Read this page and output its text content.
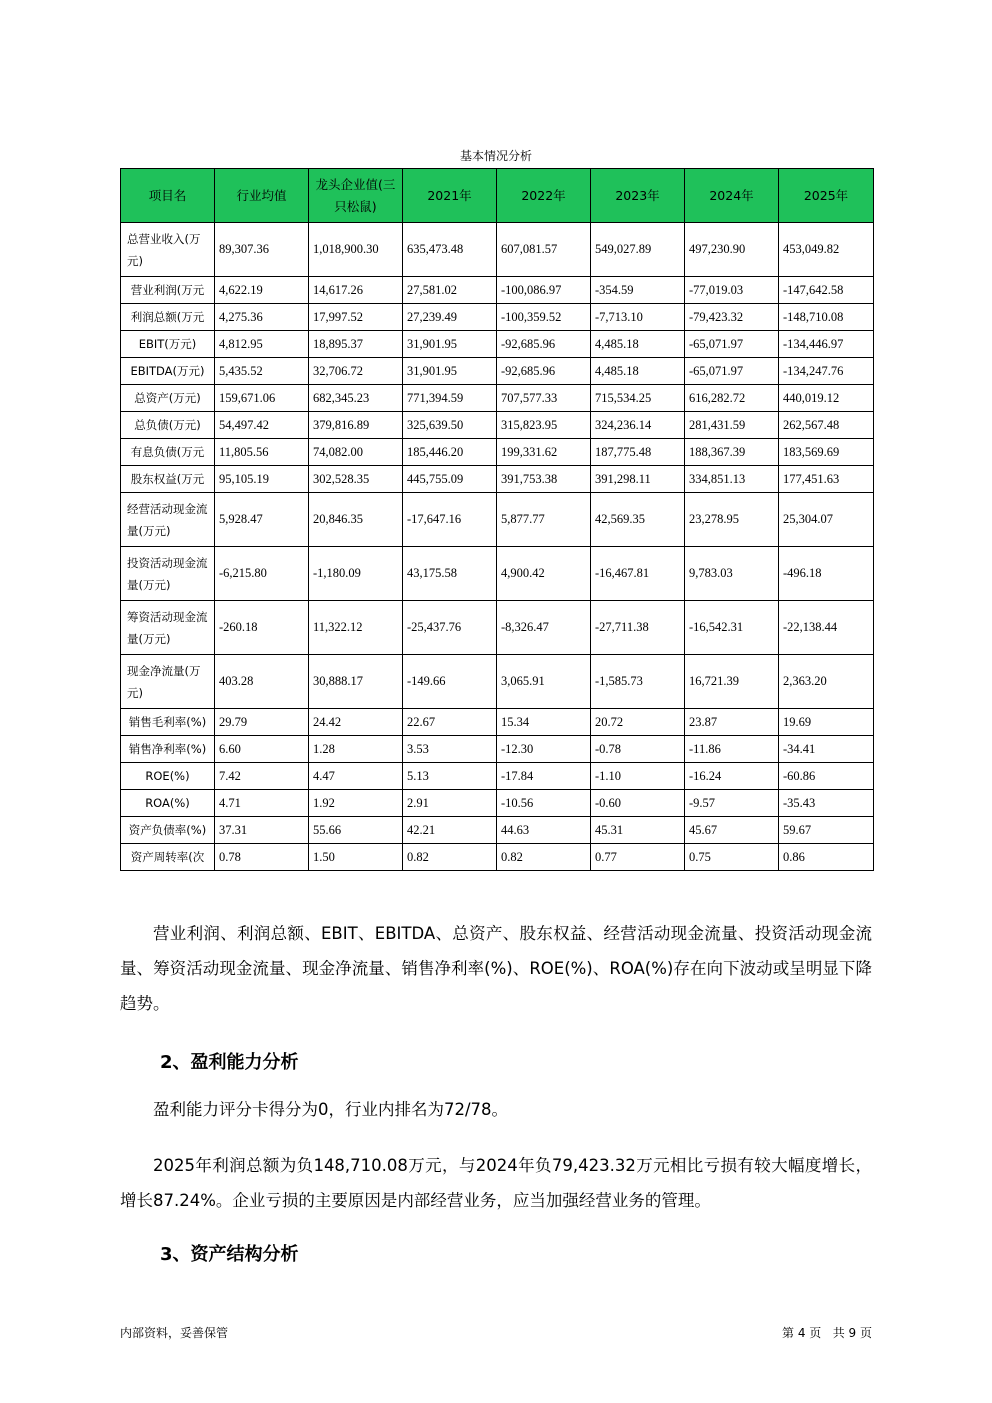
基本情况分析
项目名	行业均值	龙头企业值(三只松鼠)	2021年	2022年	2023年	2024年	2025年
总营业收入(万元)	89,307.36	1,018,900.30	635,473.48	607,081.57	549,027.89	497,230.90	453,049.82
营业利润(万元	4,622.19	14,617.26	27,581.02	-100,086.97	-354.59	-77,019.03	-147,642.58
利润总额(万元	4,275.36	17,997.52	27,239.49	-100,359.52	-7,713.10	-79,423.32	-148,710.08
EBIT(万元)	4,812.95	18,895.37	31,901.95	-92,685.96	4,485.18	-65,071.97	-134,446.97
EBITDA(万元)	5,435.52	32,706.72	31,901.95	-92,685.96	4,485.18	-65,071.97	-134,247.76
总资产(万元)	159,671.06	682,345.23	771,394.59	707,577.33	715,534.25	616,282.72	440,019.12
总负债(万元)	54,497.42	379,816.89	325,639.50	315,823.95	324,236.14	281,431.59	262,567.48
有息负债(万元	11,805.56	74,082.00	185,446.20	199,331.62	187,775.48	188,367.39	183,569.69
股东权益(万元	95,105.19	302,528.35	445,755.09	391,753.38	391,298.11	334,851.13	177,451.63
经营活动现金流量(万元)	5,928.47	20,846.35	-17,647.16	5,877.77	42,569.35	23,278.95	25,304.07
投资活动现金流量(万元)	-6,215.80	-1,180.09	43,175.58	4,900.42	-16,467.81	9,783.03	-496.18
筹资活动现金流量(万元)	-260.18	11,322.12	-25,437.76	-8,326.47	-27,711.38	-16,542.31	-22,138.44
现金净流量(万元)	403.28	30,888.17	-149.66	3,065.91	-1,585.73	16,721.39	2,363.20
销售毛利率(%)	29.79	24.42	22.67	15.34	20.72	23.87	19.69
销售净利率(%)	6.60	1.28	3.53	-12.30	-0.78	-11.86	-34.41
ROE(%)	7.42	4.47	5.13	-17.84	-1.10	-16.24	-60.86
ROA(%)	4.71	1.92	2.91	-10.56	-0.60	-9.57	-35.43
资产负债率(%)	37.31	55.66	42.21	44.63	45.31	45.67	59.67
资产周转率(次	0.78	1.50	0.82	0.82	0.77	0.75	0.86
营业利润、利润总额、EBIT、EBITDA、总资产、股东权益、经营活动现金流量、投资活动现金流量、筹资活动现金流量、现金净流量、销售净利率(%)、ROE(%)、ROA(%)存在向下波动或呈明显下降趋势。
2、盈利能力分析
盈利能力评分卡得分为0，行业内排名为72/78。
2025年利润总额为负148,710.08万元，与2024年负79,423.32万元相比亏损有较大幅度增长，增长87.24%。企业亏损的主要原因是内部经营业务，应当加强经营业务的管理。
3、资产结构分析
内部资料，妥善保管	第 4 页   共 9 页
